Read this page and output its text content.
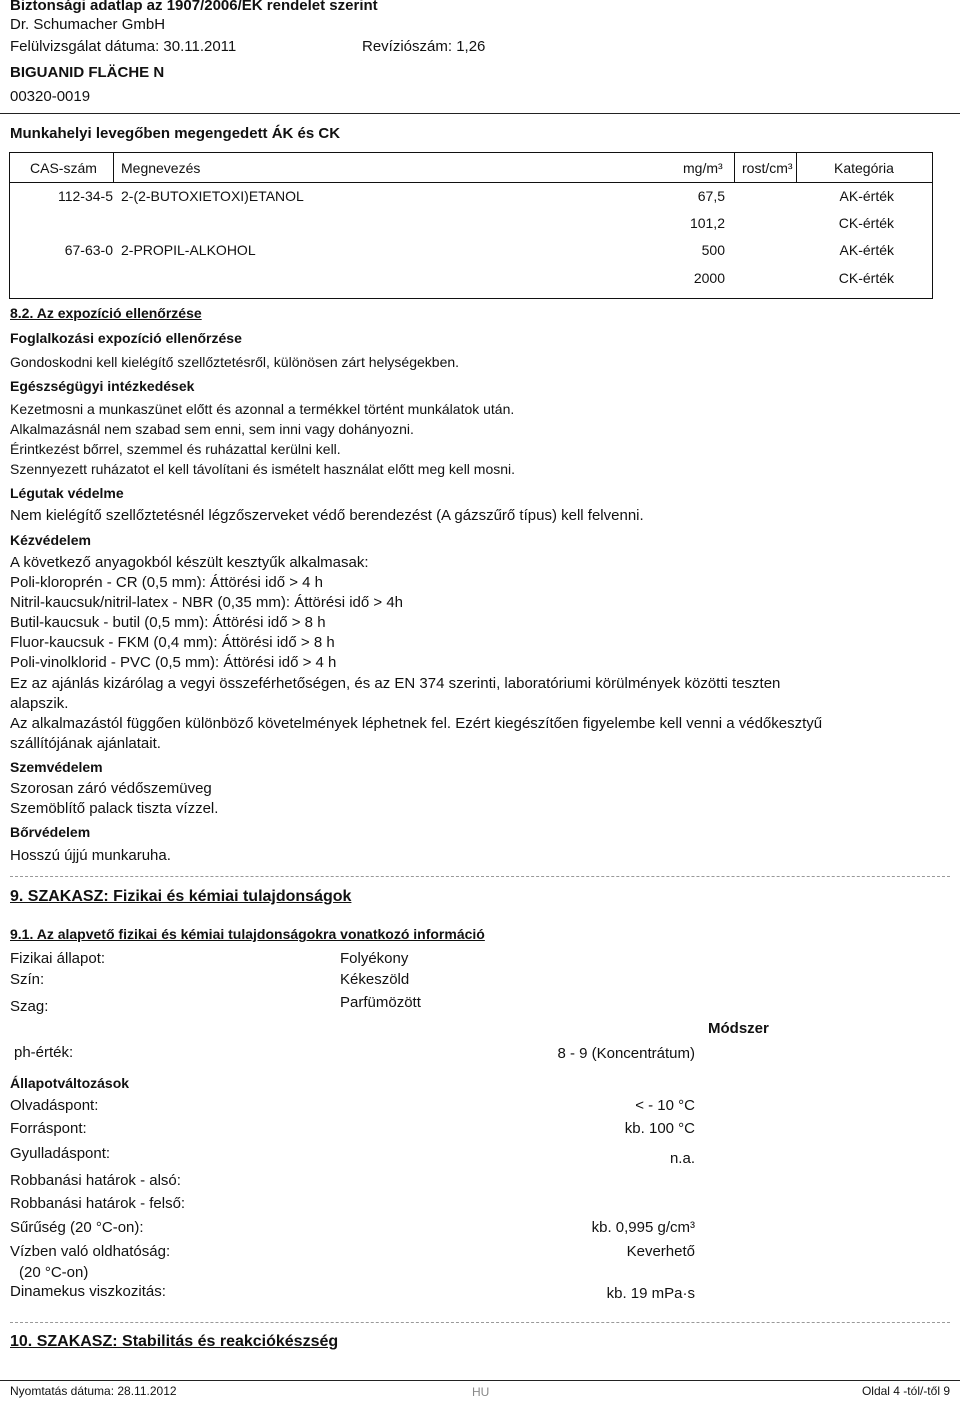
Biztonsági adatlap az 1907/2006/EK rendelet szerint
Dr. Schumacher GmbH
Felülvizsgálat dátuma: 30.11.2011	Revíziószám: 1,26
BIGUANID FLÄCHE N
00320-0019
Munkahelyi levegőben megengedett ÁK és CK
CAS-szám Megnevezés	mg/m³ rost/cm³	Kategória
112-34-5 2-(2-BUTOXIETOXI)ETANOL	67,5	AK-érték
101,2	CK-érték
67-63-0 2-PROPIL-ALKOHOL	500	AK-érték
2000	CK-érték
8.2. Az expozíció ellenőrzése
Foglalkozási expozíció ellenőrzése
Gondoskodni kell kielégítő szellőztetésről, különösen zárt helységekben.
Egészségügyi intézkedések
Kezetmosni a munkaszünet előtt és azonnal a termékkel történt munkálatok után.
Alkalmazásnál nem szabad sem enni, sem inni vagy dohányozni.
Érintkezést bőrrel, szemmel és ruházattal kerülni kell.
Szennyezett ruházatot el kell távolítani és ismételt használat előtt meg kell mosni.
Légutak védelme
Nem kielégítő szellőztetésnél légzőszerveket védő berendezést (A gázszűrő típus) kell felvenni.
Kézvédelem
A következő anyagokból készült kesztyűk alkalmasak:
Poli-kloroprén - CR (0,5 mm): Áttörési idő > 4 h
Nitril-kaucsuk/nitril-latex - NBR (0,35 mm): Áttörési idő > 4h
Butil-kaucsuk - butil (0,5 mm): Áttörési idő > 8 h
Fluor-kaucsuk - FKM (0,4 mm): Áttörési idő > 8 h
Poli-vinolklorid - PVC (0,5 mm): Áttörési idő > 4 h
Ez az ajánlás kizárólag a vegyi összeférhetőségen, és az EN 374 szerinti, laboratóriumi körülmények közötti teszten
alapszik.
Az alkalmazástól függően különböző követelmények léphetnek fel. Ezért kiegészítően figyelembe kell venni a védőkesztyű
szállítójának ajánlatait.
Szemvédelem
Szorosan záró védőszemüveg
Szemöblítő palack tiszta vízzel.
Bőrvédelem
Hosszú újjú munkaruha.
9. SZAKASZ: Fizikai és kémiai tulajdonságok
9.1. Az alapvető fizikai és kémiai tulajdonságokra vonatkozó információ
Fizikai állapot:	Folyékony
Szín:	Kékeszöld
Szag:	Parfümözött
Módszer
ph-érték:	8 - 9 (Koncentrátum)
Állapotváltozások
Olvadáspont:	< - 10 °C
Forráspont:	kb. 100 °C
Gyulladáspont:	n.a.
Robbanási határok - alsó:
Robbanási határok - felső:
Sűrűség (20 °C-on):	kb. 0,995 g/cm³
Vízben való oldhatóság:	Keverhető
(20 °C-on)
Dinamekus viszkozitás:	kb. 19 mPa·s
10. SZAKASZ: Stabilitás és reakciókészség
Nyomtatás dátuma: 28.11.2012	HU	Oldal 4 -tól/-től 9
